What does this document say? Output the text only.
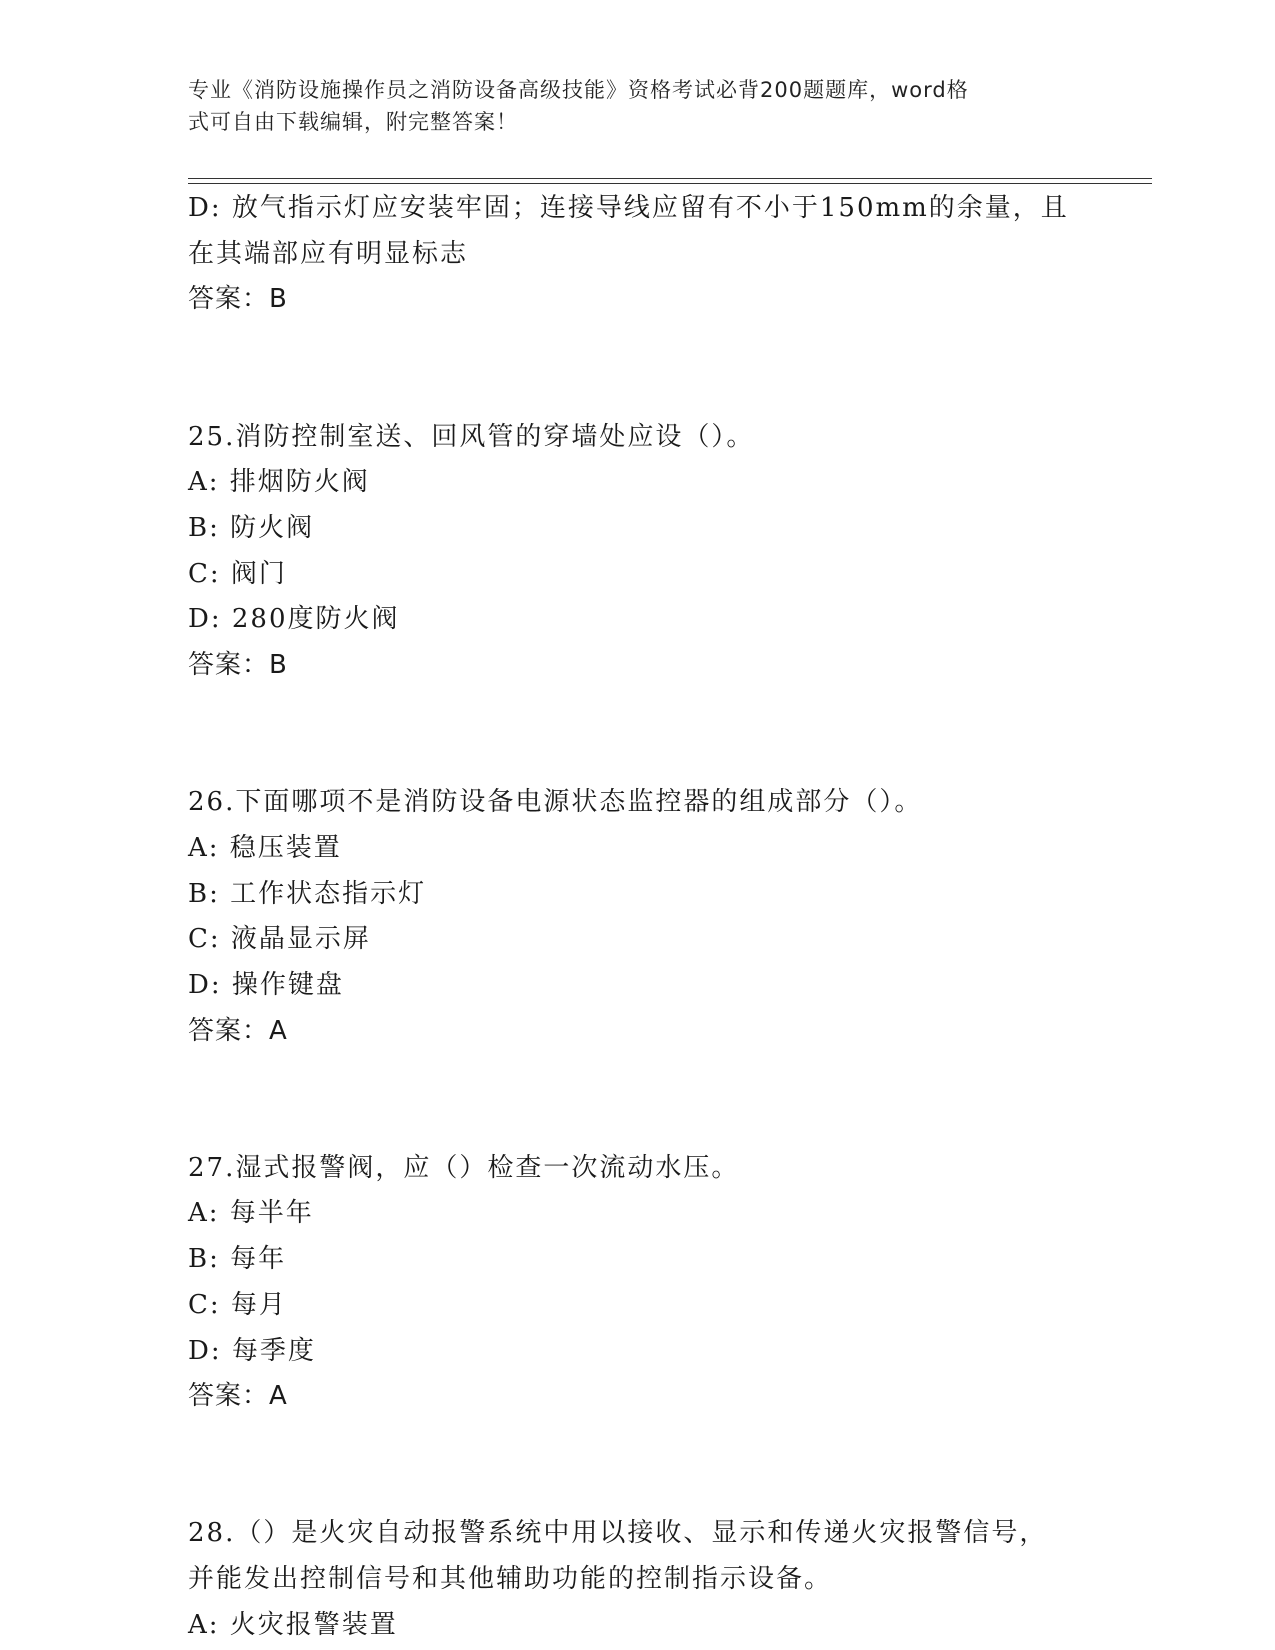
专业《消防设施操作员之消防设备高级技能》资格考试必背200题题库，word格
式可自由下载编辑，附完整答案！
D: 放气指示灯应安装牢固；连接导线应留有不小于150mm的余量，且
在其端部应有明显标志
答案：B
25.消防控制室送、回风管的穿墙处应设（）。
A: 排烟防火阀
B: 防火阀
C: 阀门
D: 280度防火阀
答案：B
26.下面哪项不是消防设备电源状态监控器的组成部分（）。
A: 稳压装置
B: 工作状态指示灯
C: 液晶显示屏
D: 操作键盘
答案：A
27.湿式报警阀，应（）检查一次流动水压。
A: 每半年
B: 每年
C: 每月
D: 每季度
答案：A
28.（）是火灾自动报警系统中用以接收、显示和传递火灾报警信号，
并能发出控制信号和其他辅助功能的控制指示设备。
A: 火灾报警装置
